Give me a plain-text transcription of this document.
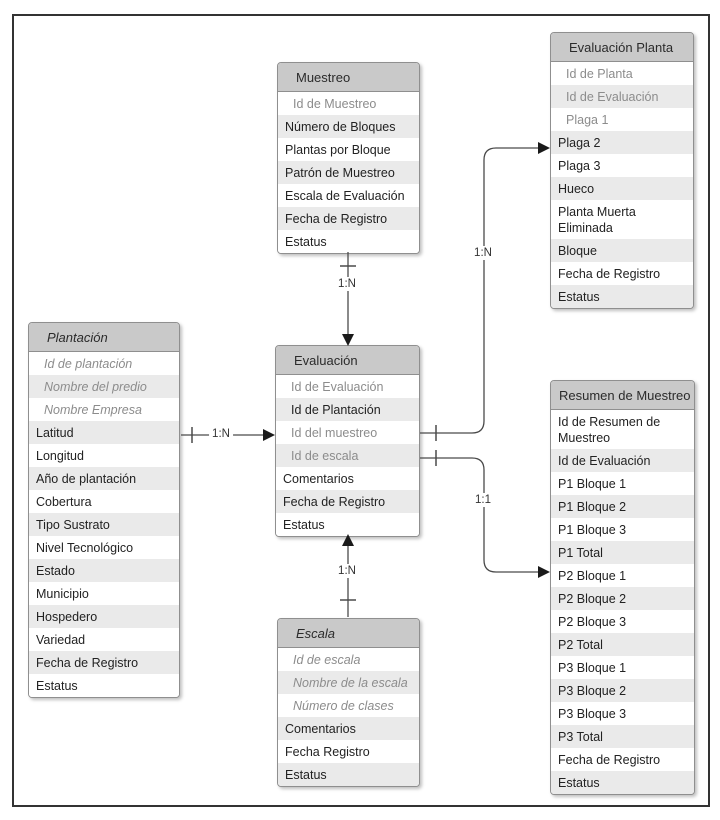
Muestreo
Id de Muestreo
Número de Bloques
Plantas por Bloque
Patrón de Muestreo
Escala de Evaluación
Fecha de Registro
Estatus
Evaluación Planta
Id de Planta
Id de Evaluación
Plaga 1
Plaga 2
Plaga 3
Hueco
Planta Muerta Eliminada
Bloque
Fecha de Registro
Estatus
Plantación
Id de plantación
Nombre del predio
Nombre Empresa
Latitud
Longitud
Año de plantación
Cobertura
Tipo Sustrato
Nivel Tecnológico
Estado
Municipio
Hospedero
Variedad
Fecha de Registro
Estatus
Evaluación
Id de Evaluación
Id de Plantación
Id del muestreo
Id de escala
Comentarios
Fecha de Registro
Estatus
Escala
Id de escala
Nombre de la escala
Número de clases
Comentarios
Fecha Registro
Estatus
Resumen de Muestreo
Id de Resumen de Muestreo
Id de Evaluación
P1 Bloque 1
P1 Bloque 2
P1 Bloque 3
P1 Total
P2 Bloque 1
P2 Bloque 2
P2 Bloque 3
P2 Total
P3 Bloque 1
P3 Bloque 2
P3 Bloque 3
P3 Total
Fecha de Registro
Estatus
1:N
1:N
1:N
1:N
1:1
